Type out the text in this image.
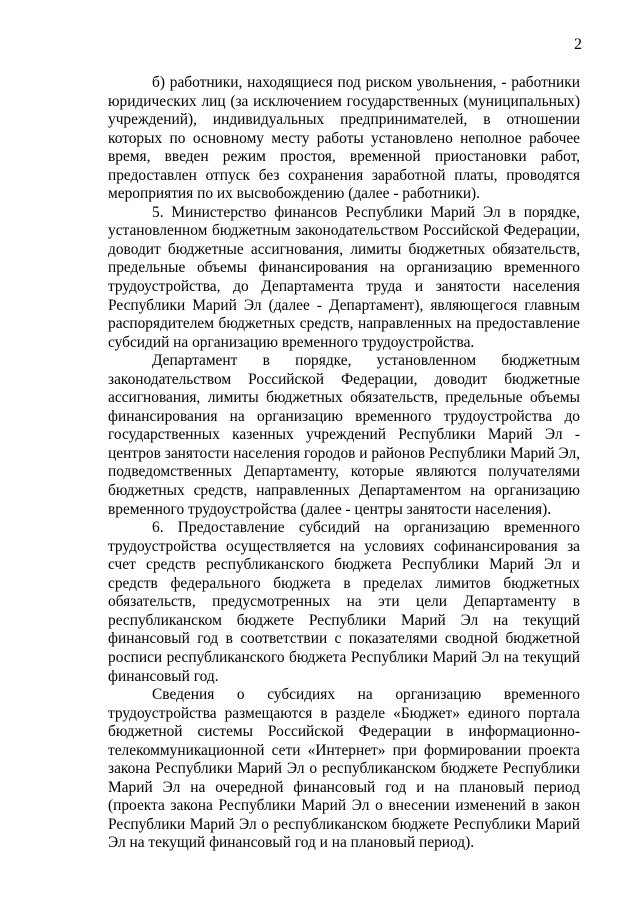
2

б) работники, находящиеся под риском увольнения, - работники юридических лиц (за исключением государственных (муниципальных) учреждений), индивидуальных предпринимателей, в отношении которых по основному месту работы установлено неполное рабочее время, введен режим простоя, временной приостановки работ, предоставлен отпуск без сохранения заработной платы, проводятся мероприятия по их высвобождению (далее - работники).

5. Министерство финансов Республики Марий Эл в порядке, установленном бюджетным законодательством Российской Федерации, доводит бюджетные ассигнования, лимиты бюджетных обязательств, предельные объемы финансирования на организацию временного трудоустройства, до Департамента труда и занятости населения Республики Марий Эл (далее - Департамент), являющегося главным распорядителем бюджетных средств, направленных на предоставление субсидий на организацию временного трудоустройства.

Департамент в порядке, установленном бюджетным законодательством Российской Федерации, доводит бюджетные ассигнования, лимиты бюджетных обязательств, предельные объемы финансирования на организацию временного трудоустройства до государственных казенных учреждений Республики Марий Эл - центров занятости населения городов и районов Республики Марий Эл, подведомственных Департаменту, которые являются получателями бюджетных средств, направленных Департаментом на организацию временного трудоустройства (далее - центры занятости населения).

6. Предоставление субсидий на организацию временного трудоустройства осуществляется на условиях софинансирования за счет средств республиканского бюджета Республики Марий Эл и средств федерального бюджета в пределах лимитов бюджетных обязательств, предусмотренных на эти цели Департаменту в республиканском бюджете Республики Марий Эл на текущий финансовый год в соответствии с показателями сводной бюджетной росписи республиканского бюджета Республики Марий Эл на текущий финансовый год.

Сведения о субсидиях на организацию временного трудоустройства размещаются в разделе «Бюджет» единого портала бюджетной системы Российской Федерации в информационно-телекоммуникационной сети «Интернет» при формировании проекта закона Республики Марий Эл о республиканском бюджете Республики Марий Эл на очередной финансовый год и на плановый период (проекта закона Республики Марий Эл о внесении изменений в закон Республики Марий Эл о республиканском бюджете Республики Марий Эл на текущий финансовый год и на плановый период).
